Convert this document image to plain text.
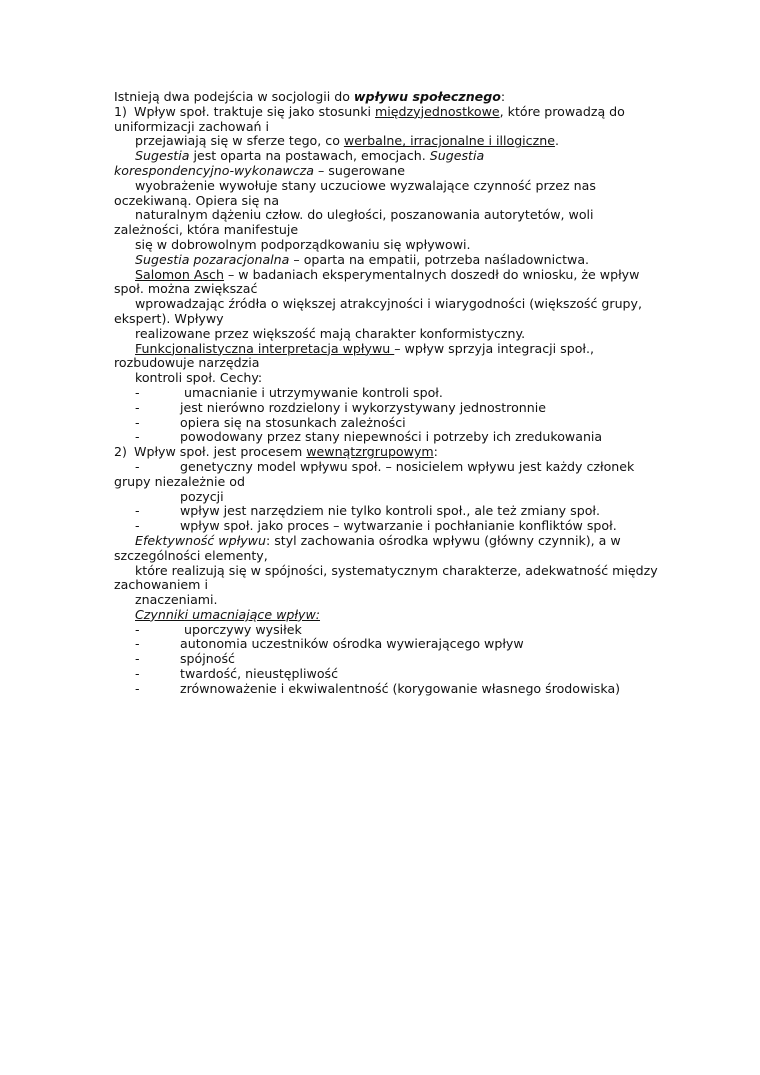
Istnieją dwa podejścia w socjologii do wpływu społecznego:
1) Wpływ społ. traktuje się jako stosunki międzyjednostkowe, które prowadzą do
uniformizacji zachowań i
przejawiają się w sferze tego, co werbalne, irracjonalne i illogiczne.
Sugestia jest oparta na postawach, emocjach. Sugestia
korespondencyjno-wykonawcza – sugerowane
wyobrażenie wywołuje stany uczuciowe wyzwalające czynność przez nas
oczekiwaną. Opiera się na
naturalnym dążeniu człow. do uległości, poszanowania autorytetów, woli
zależności, która manifestuje
się w dobrowolnym podporządkowaniu się wpływowi.
Sugestia pozaracjonalna – oparta na empatii, potrzeba naśladownictwa.
Salomon Asch – w badaniach eksperymentalnych doszedł do wniosku, że wpływ
społ. można zwiększać
wprowadzając źródła o większej atrakcyjności i wiarygodności (większość grupy,
ekspert). Wpływy
realizowane przez większość mają charakter konformistyczny.
Funkcjonalistyczna interpretacja wpływu – wpływ sprzyja integracji społ.,
rozbudowuje narzędzia
kontroli społ. Cechy:
-	umacnianie i utrzymywanie kontroli społ.
-	jest nierówno rozdzielony i wykorzystywany jednostronnie
-	opiera się na stosunkach zależności
-	powodowany przez stany niepewności i potrzeby ich zredukowania
2) Wpływ społ. jest procesem wewnątzrgrupowym:
-	genetyczny model wpływu społ. – nosicielem wpływu jest każdy członek
grupy niezależnie od
pozycji
-	wpływ jest narzędziem nie tylko kontroli społ., ale też zmiany społ.
-	wpływ społ. jako proces – wytwarzanie i pochłanianie konfliktów społ.
Efektywność wpływu: styl zachowania ośrodka wpływu (główny czynnik), a w
szczególności elementy,
które realizują się w spójności, systematycznym charakterze, adekwatność między
zachowaniem i
znaczeniami.
Czynniki umacniające wpływ:
-	uporczywy wysiłek
-	autonomia uczestników ośrodka wywierającego wpływ
-	spójność
-	twardość, nieustępliwość
-	zrównoważenie i ekwiwalentność (korygowanie własnego środowiska)
